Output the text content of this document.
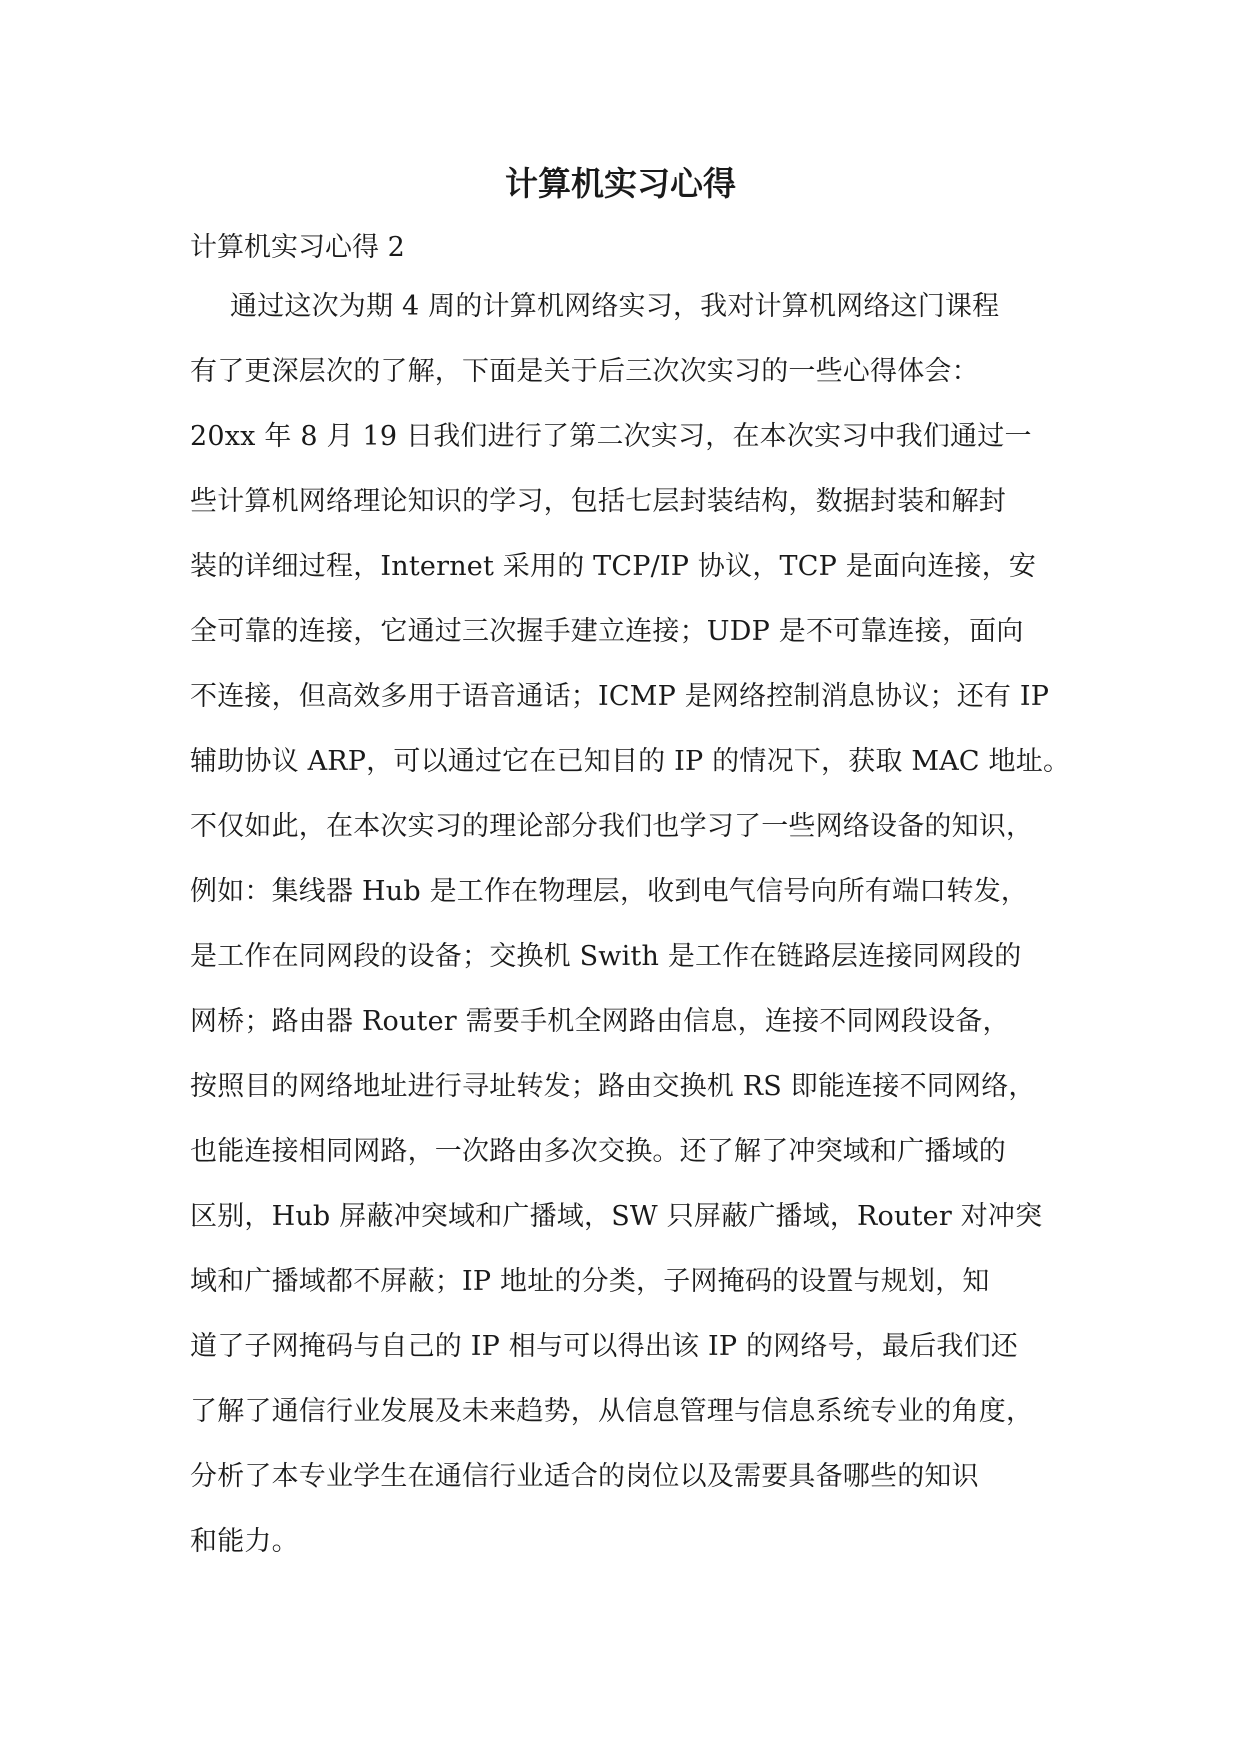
计算机实习心得

计算机实习心得 2

通过这次为期 4 周的计算机网络实习，我对计算机网络这门课程

有了更深层次的了解，下面是关于后三次次实习的一些心得体会：

20xx 年 8 月 19 日我们进行了第二次实习，在本次实习中我们通过一

些计算机网络理论知识的学习，包括七层封装结构，数据封装和解封

装的详细过程，Internet 采用的 TCP/IP 协议，TCP 是面向连接，安

全可靠的连接，它通过三次握手建立连接；UDP 是不可靠连接，面向

不连接，但高效多用于语音通话；ICMP 是网络控制消息协议；还有 IP

辅助协议 ARP，可以通过它在已知目的 IP 的情况下，获取 MAC 地址。

不仅如此，在本次实习的理论部分我们也学习了一些网络设备的知识，

例如：集线器 Hub 是工作在物理层，收到电气信号向所有端口转发，

是工作在同网段的设备；交换机 Swith 是工作在链路层连接同网段的

网桥；路由器 Router 需要手机全网路由信息，连接不同网段设备，

按照目的网络地址进行寻址转发；路由交换机 RS 即能连接不同网络，

也能连接相同网路，一次路由多次交换。还了解了冲突域和广播域的

区别，Hub 屏蔽冲突域和广播域，SW 只屏蔽广播域，Router 对冲突

域和广播域都不屏蔽；IP 地址的分类，子网掩码的设置与规划，知

道了子网掩码与自己的 IP 相与可以得出该 IP 的网络号，最后我们还

了解了通信行业发展及未来趋势，从信息管理与信息系统专业的角度，

分析了本专业学生在通信行业适合的岗位以及需要具备哪些的知识

和能力。
